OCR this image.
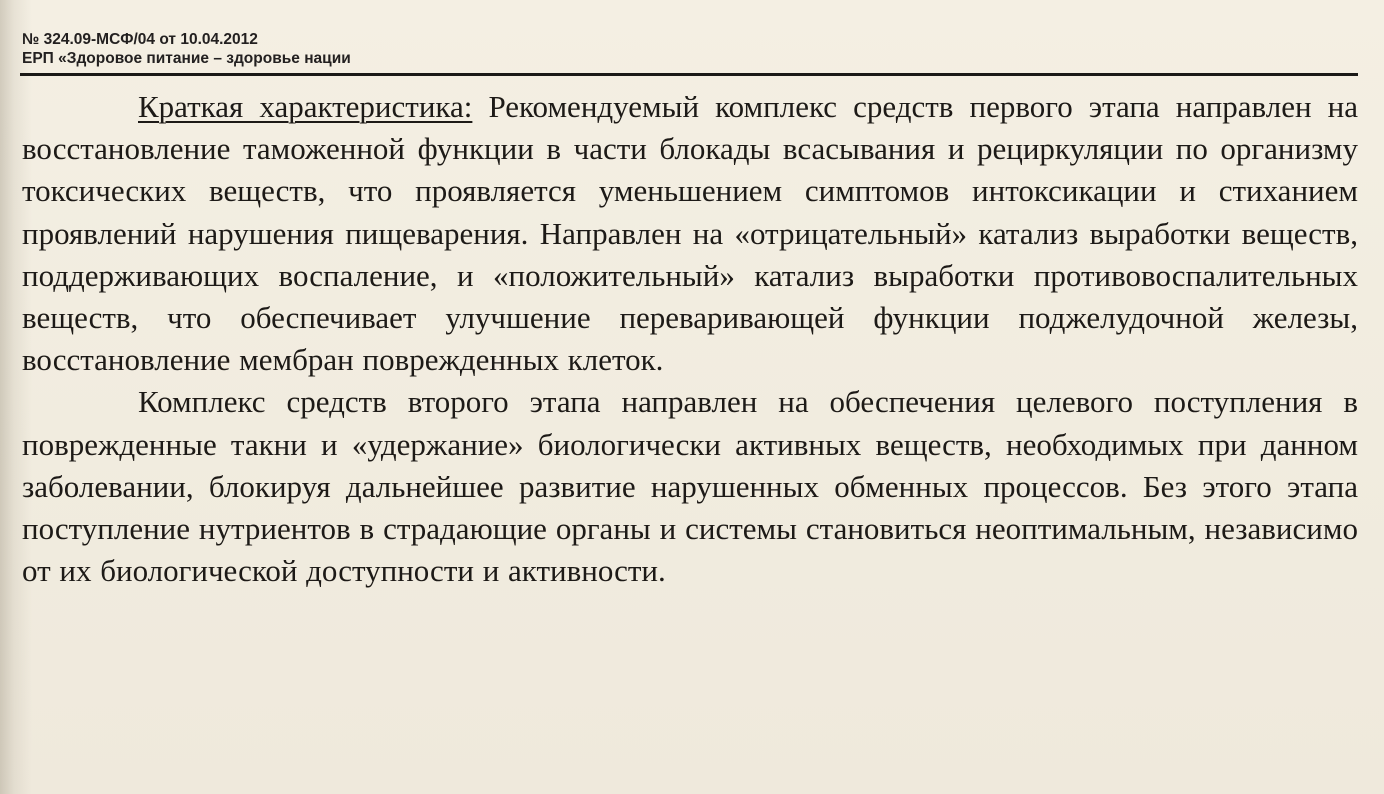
№ 324.09-МСФ/04 от 10.04.2012
ЕРП «Здоровое питание – здоровье нации

Краткая характеристика: Рекомендуемый комплекс средств первого этапа направлен на восстановление таможенной функции в части блокады всасывания и рециркуляции по организму токсических веществ, что проявляется уменьшением симптомов интоксикации и стиханием проявлений нарушения пищеварения. Направлен на «отрицательный» катализ выработки веществ, поддерживающих воспаление, и «положительный» катализ выработки противовоспалительных веществ, что обеспечивает улучшение переваривающей функции поджелудочной железы, восстановление мембран поврежденных клеток.

Комплекс средств второго этапа направлен на обеспечения целевого поступления в поврежденные такни и «удержание» биологически активных веществ, необходимых при данном заболевании, блокируя дальнейшее развитие нарушенных обменных процессов. Без этого этапа поступление нутриентов в страдающие органы и системы становиться неоптимальным, независимо от их биологической доступности и активности.
